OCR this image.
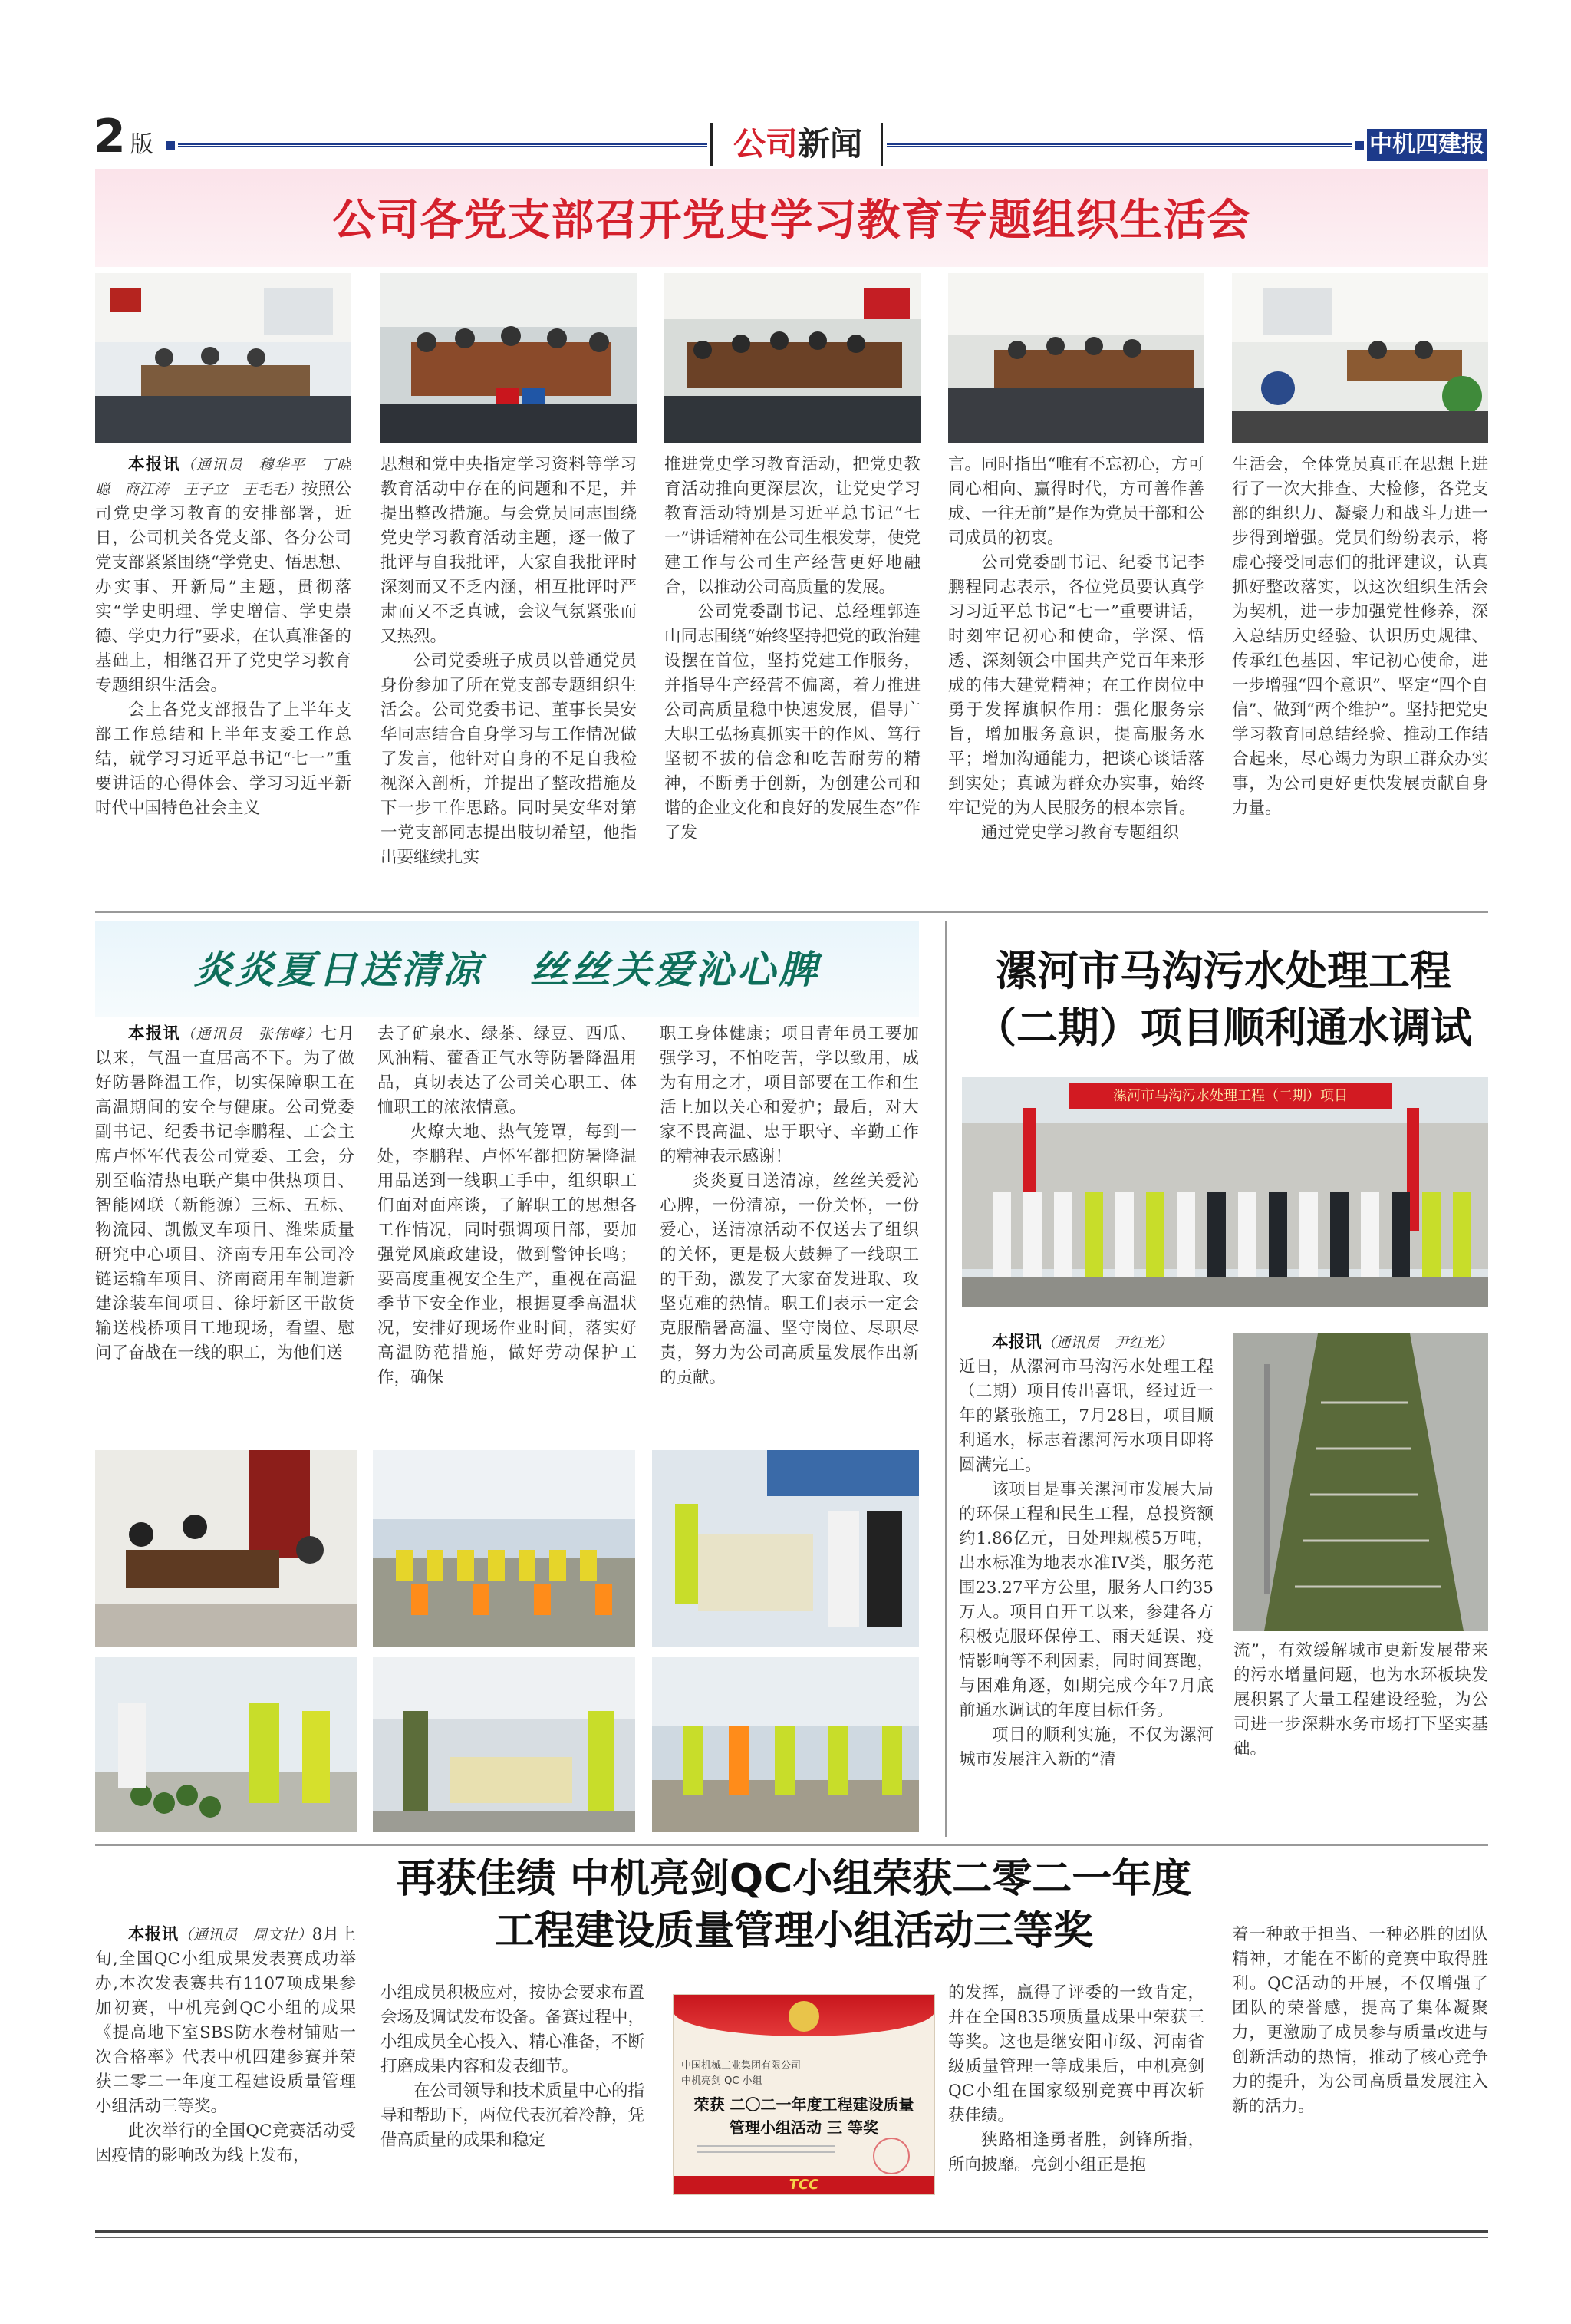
2 版	公司新闻	中机四建报
公司各党支部召开党史学习教育专题组织生活会

本报讯（通讯员　穆华平　丁晓聪　商江涛　王子立　王毛毛）按照公司党史学习教育的安排部署，近日，公司机关各党支部、各分公司党支部紧紧围绕“学党史、悟思想、办实事、开新局”主题，贯彻落实“学史明理、学史增信、学史崇德、学史力行”要求，在认真准备的基础上，相继召开了党史学习教育专题组织生活会。

会上各党支部报告了上半年支部工作总结和上半年支委工作总结，就学习习近平总书记“七一”重要讲话的心得体会、学习习近平新时代中国特色社会主义

思想和党中央指定学习资料等学习教育活动中存在的问题和不足，并提出整改措施。与会党员同志围绕党史学习教育活动主题，逐一做了批评与自我批评，大家自我批评时深刻而又不乏内涵，相互批评时严肃而又不乏真诚，会议气氛紧张而又热烈。

公司党委班子成员以普通党员身份参加了所在党支部专题组织生活会。公司党委书记、董事长吴安华同志结合自身学习与工作情况做了发言，他针对自身的不足自我检视深入剖析，并提出了整改措施及下一步工作思路。同时吴安华对第一党支部同志提出肢切希望，他指出要继续扎实

推进党史学习教育活动，把党史教育活动推向更深层次，让党史学习教育活动特别是习近平总书记“七一”讲话精神在公司生根发芽，使党建工作与公司生产经营更好地融合，以推动公司高质量的发展。

公司党委副书记、总经理郭连山同志围绕“始终坚持把党的政治建设摆在首位，坚持党建工作服务，并指导生产经营不偏离，着力推进公司高质量稳中快速发展，倡导广大职工弘扬真抓实干的作风、笃行坚韧不拔的信念和吃苦耐劳的精神，不断勇于创新，为创建公司和谐的企业文化和良好的发展生态”作了发

言。同时指出“唯有不忘初心，方可同心相向、赢得时代，方可善作善成、一往无前”是作为党员干部和公司成员的初衷。

公司党委副书记、纪委书记李鹏程同志表示，各位党员要认真学习习近平总书记“七一”重要讲话，时刻牢记初心和使命，学深、悟透、深刻领会中国共产党百年来形成的伟大建党精神；在工作岗位中勇于发挥旗帜作用：强化服务宗旨，增加服务意识，提高服务水平；增加沟通能力，把谈心谈话落到实处；真诚为群众办实事，始终牢记党的为人民服务的根本宗旨。

通过党史学习教育专题组织

生活会，全体党员真正在思想上进行了一次大排查、大检修，各党支部的组织力、凝聚力和战斗力进一步得到增强。党员们纷纷表示，将虚心接受同志们的批评建议，认真抓好整改落实，以这次组织生活会为契机，进一步加强党性修养，深入总结历史经验、认识历史规律、传承红色基因、牢记初心使命，进一步增强“四个意识”、坚定“四个自信”、做到“两个维护”。坚持把党史学习教育同总结经验、推动工作结合起来，尽心竭力为职工群众办实事，为公司更好更快发展贡献自身力量。

炎炎夏日送清凉 丝丝关爱沁心脾

本报讯（通讯员　张伟峰）七月以来，气温一直居高不下。为了做好防暑降温工作，切实保障职工在高温期间的安全与健康。公司党委副书记、纪委书记李鹏程、工会主席卢怀军代表公司党委、工会，分别至临清热电联产集中供热项目、智能网联（新能源）三标、五标、物流园、凯傲叉车项目、潍柴质量研究中心项目、济南专用车公司冷链运输车项目、济南商用车制造新建涂装车间项目、徐圩新区干散货输送栈桥项目工地现场，看望、慰问了奋战在一线的职工，为他们送

去了矿泉水、绿茶、绿豆、西瓜、风油精、藿香正气水等防暑降温用品，真切表达了公司关心职工、体恤职工的浓浓情意。

火燎大地、热气笼罩，每到一处，李鹏程、卢怀军都把防暑降温用品送到一线职工手中，组织职工们面对面座谈，了解职工的思想各工作情况，同时强调项目部，要加强党风廉政建设，做到警钟长鸣；要高度重视安全生产，重视在高温季节下安全作业，根据夏季高温状况，安排好现场作业时间，落实好高温防范措施，做好劳动保护工作，确保

职工身体健康；项目青年员工要加强学习，不怕吃苦，学以致用，成为有用之才，项目部要在工作和生活上加以关心和爱护；最后，对大家不畏高温、忠于职守、辛勤工作的精神表示感谢！

炎炎夏日送清凉，丝丝关爱沁心脾，一份清凉，一份关怀，一份爱心，送清凉活动不仅送去了组织的关怀，更是极大鼓舞了一线职工的干劲，激发了大家奋发进取、攻坚克难的热情。职工们表示一定会克服酷暑高温、坚守岗位、尽职尽责，努力为公司高质量发展作出新的贡献。

漯河市马沟污水处理工程
（二期）项目顺利通水调试
漯河市马沟污水处理工程（二期）项目

本报讯（通讯员　尹红光）
近日，从漯河市马沟污水处理工程（二期）项目传出喜讯，经过近一年的紧张施工，7月28日，项目顺利通水，标志着漯河污水项目即将圆满完工。

该项目是事关漯河市发展大局的环保工程和民生工程，总投资额约1.86亿元，日处理规模5万吨，出水标准为地表水准IV类，服务范围23.27平方公里，服务人口约35万人。项目自开工以来，参建各方积极克服环保停工、雨天延误、疫情影响等不利因素，同时间赛跑，与困难角逐，如期完成今年7月底前通水调试的年度目标任务。

项目的顺利实施，不仅为漯河城市发展注入新的“清

流”，有效缓解城市更新发展带来的污水增量问题，也为水环板块发展积累了大量工程建设经验，为公司进一步深耕水务市场打下坚实基础。

再获佳绩 中机亮剑QC小组荣获二零二一年度
工程建设质量管理小组活动三等奖

本报讯（通讯员　周文壮）8月上旬,全国QC小组成果发表赛成功举办,本次发表赛共有1107项成果参加初赛，中机亮剑QC小组的成果《提高地下室SBS防水卷材铺贴一次合格率》代表中机四建参赛并荣获二零二一年度工程建设质量管理小组活动三等奖。

此次举行的全国QC竞赛活动受因疫情的影响改为线上发布，

小组成员积极应对，按协会要求布置会场及调试发布设备。备赛过程中，小组成员全心投入、精心准备，不断打磨成果内容和发表细节。

在公司领导和技术质量中心的指导和帮助下，两位代表沉着冷静，凭借高质量的成果和稳定

中国机械工业集团有限公司
中机亮剑 QC 小组
荣获 二〇二一年度工程建设质量
管理小组活动 三 等奖
TCC

的发挥，赢得了评委的一致肯定，并在全国835项质量成果中荣获三等奖。这也是继安阳市级、河南省级质量管理一等成果后，中机亮剑QC小组在国家级别竞赛中再次斩获佳绩。

狭路相逢勇者胜，剑锋所指，所向披靡。亮剑小组正是抱

着一种敢于担当、一种必胜的团队精神，才能在不断的竞赛中取得胜利。QC活动的开展，不仅增强了团队的荣誉感，提高了集体凝聚力，更激励了成员参与质量改进与创新活动的热情，推动了核心竞争力的提升，为公司高质量发展注入新的活力。
